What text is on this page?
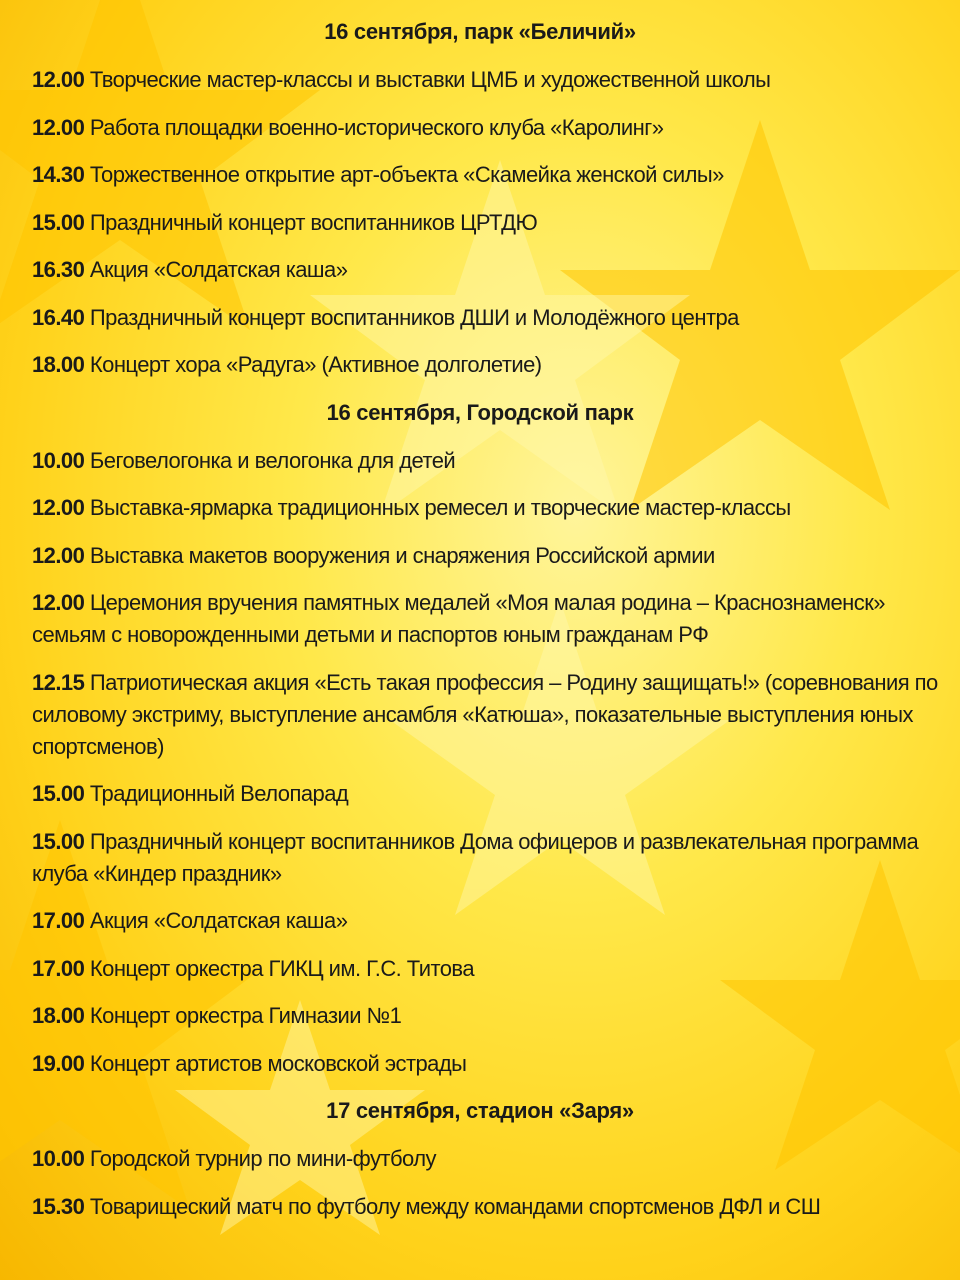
16 сентября, парк «Беличий»
12.00 Творческие мастер-классы и выставки ЦМБ и художественной школы
12.00 Работа площадки военно-исторического клуба «Каролинг»
14.30 Торжественное открытие арт-объекта «Скамейка женской силы»
15.00 Праздничный концерт воспитанников ЦРТДЮ
16.30 Акция «Солдатская каша»
16.40 Праздничный концерт воспитанников ДШИ и Молодёжного центра
18.00 Концерт хора «Радуга» (Активное долголетие)
16 сентября, Городской парк
10.00 Беговелогонка и велогонка для детей
12.00 Выставка-ярмарка традиционных ремесел и творческие мастер-классы
12.00 Выставка макетов вооружения и снаряжения Российской армии
12.00 Церемония вручения памятных медалей «Моя малая родина – Краснознаменск» семьям с новорожденными детьми и паспортов юным гражданам РФ
12.15 Патриотическая акция «Есть такая профессия – Родину защищать!» (соревнования по силовому экстриму, выступление ансамбля «Катюша», показательные выступления юных спортсменов)
15.00 Традиционный Велопарад
15.00 Праздничный концерт воспитанников Дома офицеров и развлекательная программа клуба «Киндер праздник»
17.00 Акция «Солдатская каша»
17.00 Концерт оркестра ГИКЦ им. Г.С. Титова
18.00 Концерт оркестра Гимназии №1
19.00 Концерт артистов московской эстрады
17 сентября, стадион «Заря»
10.00 Городской турнир по мини-футболу
15.30 Товарищеский матч по футболу между командами спортсменов ДФЛ и СШ
